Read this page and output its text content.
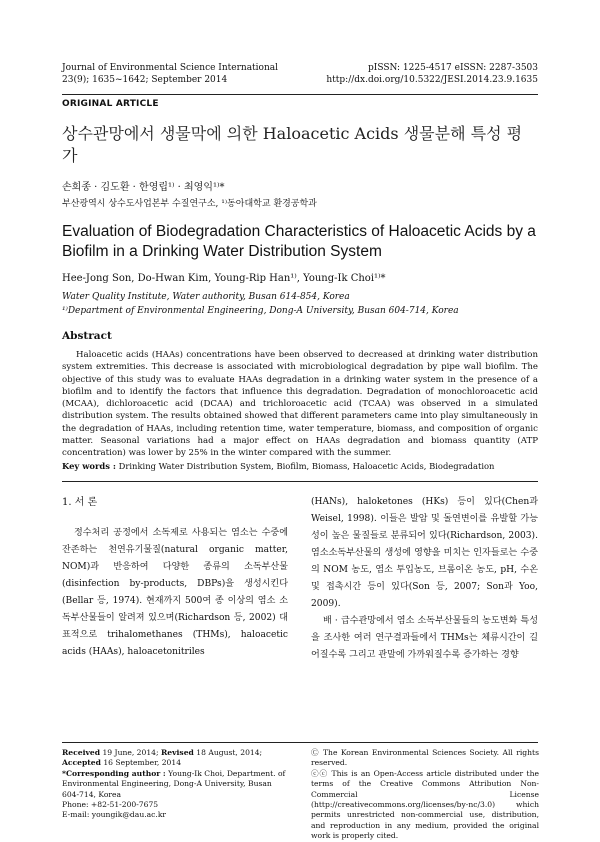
Journal of Environmental Science International
23(9); 1635~1642; September 2014
pISSN: 1225-4517 eISSN: 2287-3503
http://dx.doi.org/10.5322/JESI.2014.23.9.1635
ORIGINAL ARTICLE
상수관망에서 생물막에 의한 Haloacetic Acids 생물분해 특성 평가
손희종 · 김도환 · 한영립¹⁾ · 최영익¹⁾*
부산광역시 상수도사업본부 수질연구소, ¹⁾동아대학교 환경공학과
Evaluation of Biodegradation Characteristics of Haloacetic Acids by a Biofilm in a Drinking Water Distribution System
Hee-Jong Son, Do-Hwan Kim, Young-Rip Han¹⁾, Young-Ik Choi¹⁾*
Water Quality Institute, Water authority, Busan 614-854, Korea
¹⁾Department of Environmental Engineering, Dong-A University, Busan 604-714, Korea
Abstract
Haloacetic acids (HAAs) concentrations have been observed to decreased at drinking water distribution system extremities. This decrease is associated with microbiological degradation by pipe wall biofilm. The objective of this study was to evaluate HAAs degradation in a drinking water system in the presence of a biofilm and to identify the factors that influence this degradation. Degradation of monochloroacetic acid (MCAA), dichloroacetic acid (DCAA) and trichloroacetic acid (TCAA) was observed in a simulated distribution system. The results obtained showed that different parameters came into play simultaneously in the degradation of HAAs, including retention time, water temperature, biomass, and composition of organic matter. Seasonal variations had a major effect on HAAs degradation and biomass quantity (ATP concentration) was lower by 25% in the winter compared with the summer.
Key words : Drinking Water Distribution System, Biofilm, Biomass, Haloacetic Acids, Biodegradation
1. 서 론

정수처리 공정에서 소독제로 사용되는 염소는 수중에 잔존하는 천연유기물질(natural organic matter, NOM)과 반응하여 다양한 종류의 소독부산물(disinfection by-products, DBPs)을 생성시킨다(Bellar 등, 1974). 현재까지 500여 종 이상의 염소 소독부산물들이 알려져 있으며(Richardson 등, 2002) 대표적으로 trihalomethanes (THMs), haloacetic acids (HAAs), haloacetonitriles

(HANs), haloketones (HKs) 등이 있다(Chen과 Weisel, 1998). 이들은 발암 및 돌연변이를 유발할 가능성이 높은 물질들로 분류되어 있다(Richardson, 2003). 염소소독부산물의 생성에 영향을 미치는 인자들로는 수중의 NOM 농도, 염소 투입농도, 브롬이온 농도, pH, 수온 및 접촉시간 등이 있다(Son 등, 2007; Son과 Yoo, 2009).

배 · 급수관망에서 염소 소독부산물들의 농도변화 특성을 조사한 여러 연구결과들에서 THMs는 체류시간이 길어질수록 그리고 관말에 가까워질수록 증가하는 경향

Received 19 June, 2014; Revised 18 August, 2014;
Accepted 16 September, 2014
*Corresponding author : Young-Ik Choi, Department. of Environmental Engineering, Dong-A University, Busan 604-714, Korea
Phone: +82-51-200-7675
E-mail: youngik@dau.ac.kr
Ⓒ The Korean Environmental Sciences Society. All rights reserved.
ⓒⓒ This is an Open-Access article distributed under the terms of the Creative Commons Attribution Non-Commercial License (http://creativecommons.org/licenses/by-nc/3.0) which permits unrestricted non-commercial use, distribution, and reproduction in any medium, provided the original work is properly cited.
